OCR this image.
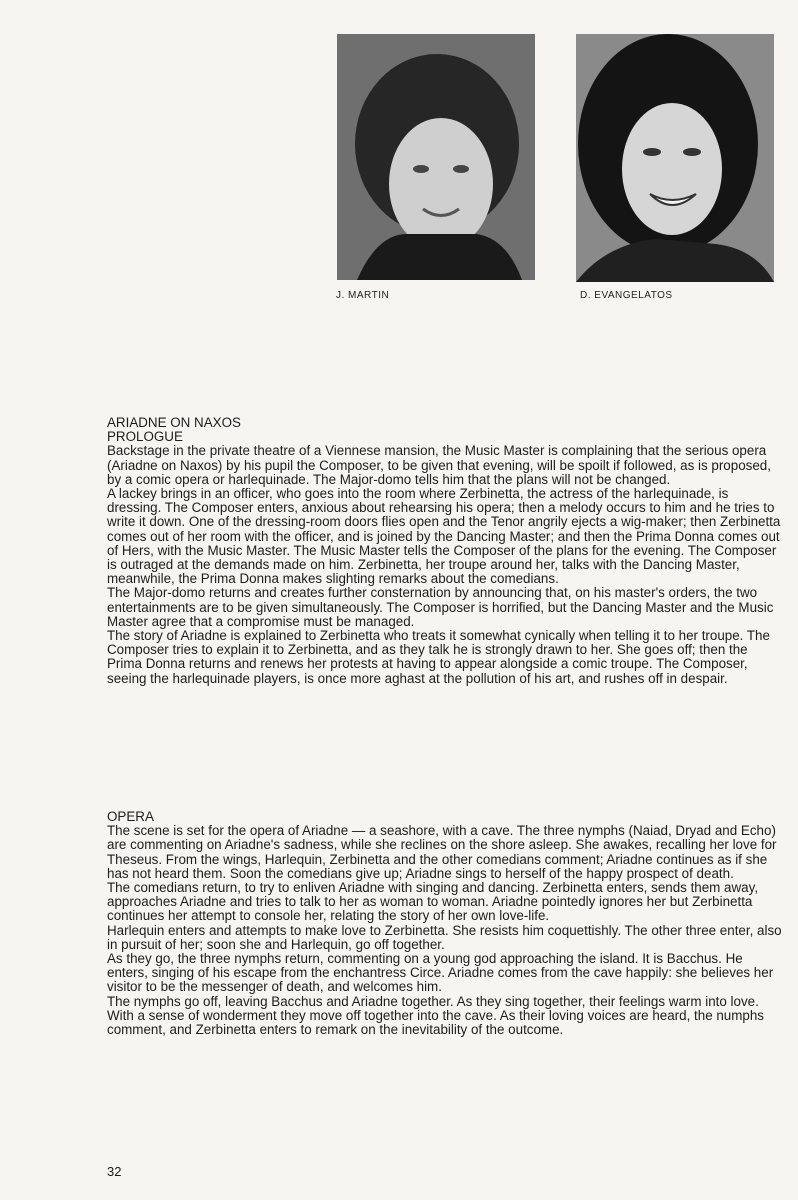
J. MARTIN	D. EVANGELATOS
ARIADNE ON NAXOS
PROLOGUE

Backstage in the private theatre of a Viennese mansion, the Music Master is complaining that the serious opera (Ariadne on Naxos) by his pupil the Composer, to be given that evening, will be spoilt if followed, as is proposed, by a comic opera or harlequinade. The Major-domo tells him that the plans will not be changed.

A lackey brings in an officer, who goes into the room where Zerbinetta, the actress of the harlequinade, is dressing. The Composer enters, anxious about rehearsing his opera; then a melody occurs to him and he tries to write it down. One of the dressing-room doors flies open and the Tenor angrily ejects a wig-maker; then Zerbinetta comes out of her room with the officer, and is joined by the Dancing Master; and then the Prima Donna comes out of Hers, with the Music Master. The Music Master tells the Composer of the plans for the evening. The Composer is outraged at the demands made on him. Zerbinetta, her troupe around her, talks with the Dancing Master, meanwhile, the Prima Donna makes slighting remarks about the comedians.

The Major-domo returns and creates further consternation by announcing that, on his master's orders, the two entertainments are to be given simultaneously. The Composer is horrified, but the Dancing Master and the Music Master agree that a compromise must be managed.

The story of Ariadne is explained to Zerbinetta who treats it somewhat cynically when telling it to her troupe. The Composer tries to explain it to Zerbinetta, and as they talk he is strongly drawn to her. She goes off; then the Prima Donna returns and renews her protests at having to appear alongside a comic troupe. The Composer, seeing the harlequinade players, is once more aghast at the pollution of his art, and rushes off in despair.

OPERA

The scene is set for the opera of Ariadne — a seashore, with a cave. The three nymphs (Naiad, Dryad and Echo) are commenting on Ariadne's sadness, while she reclines on the shore asleep. She awakes, recalling her love for Theseus. From the wings, Harlequin, Zerbinetta and the other comedians comment; Ariadne continues as if she has not heard them. Soon the comedians give up; Ariadne sings to herself of the happy prospect of death.

The comedians return, to try to enliven Ariadne with singing and dancing. Zerbinetta enters, sends them away, approaches Ariadne and tries to talk to her as woman to woman. Ariadne pointedly ignores her but Zerbinetta continues her attempt to console her, relating the story of her own love-life.

Harlequin enters and attempts to make love to Zerbinetta. She resists him coquettishly. The other three enter, also in pursuit of her; soon she and Harlequin, go off together.

As they go, the three nymphs return, commenting on a young god approaching the island. It is Bacchus. He enters, singing of his escape from the enchantress Circe. Ariadne comes from the cave happily: she believes her visitor to be the messenger of death, and welcomes him.

The nymphs go off, leaving Bacchus and Ariadne together. As they sing together, their feelings warm into love. With a sense of wonderment they move off together into the cave. As their loving voices are heard, the numphs comment, and Zerbinetta enters to remark on the inevitability of the outcome.

32
